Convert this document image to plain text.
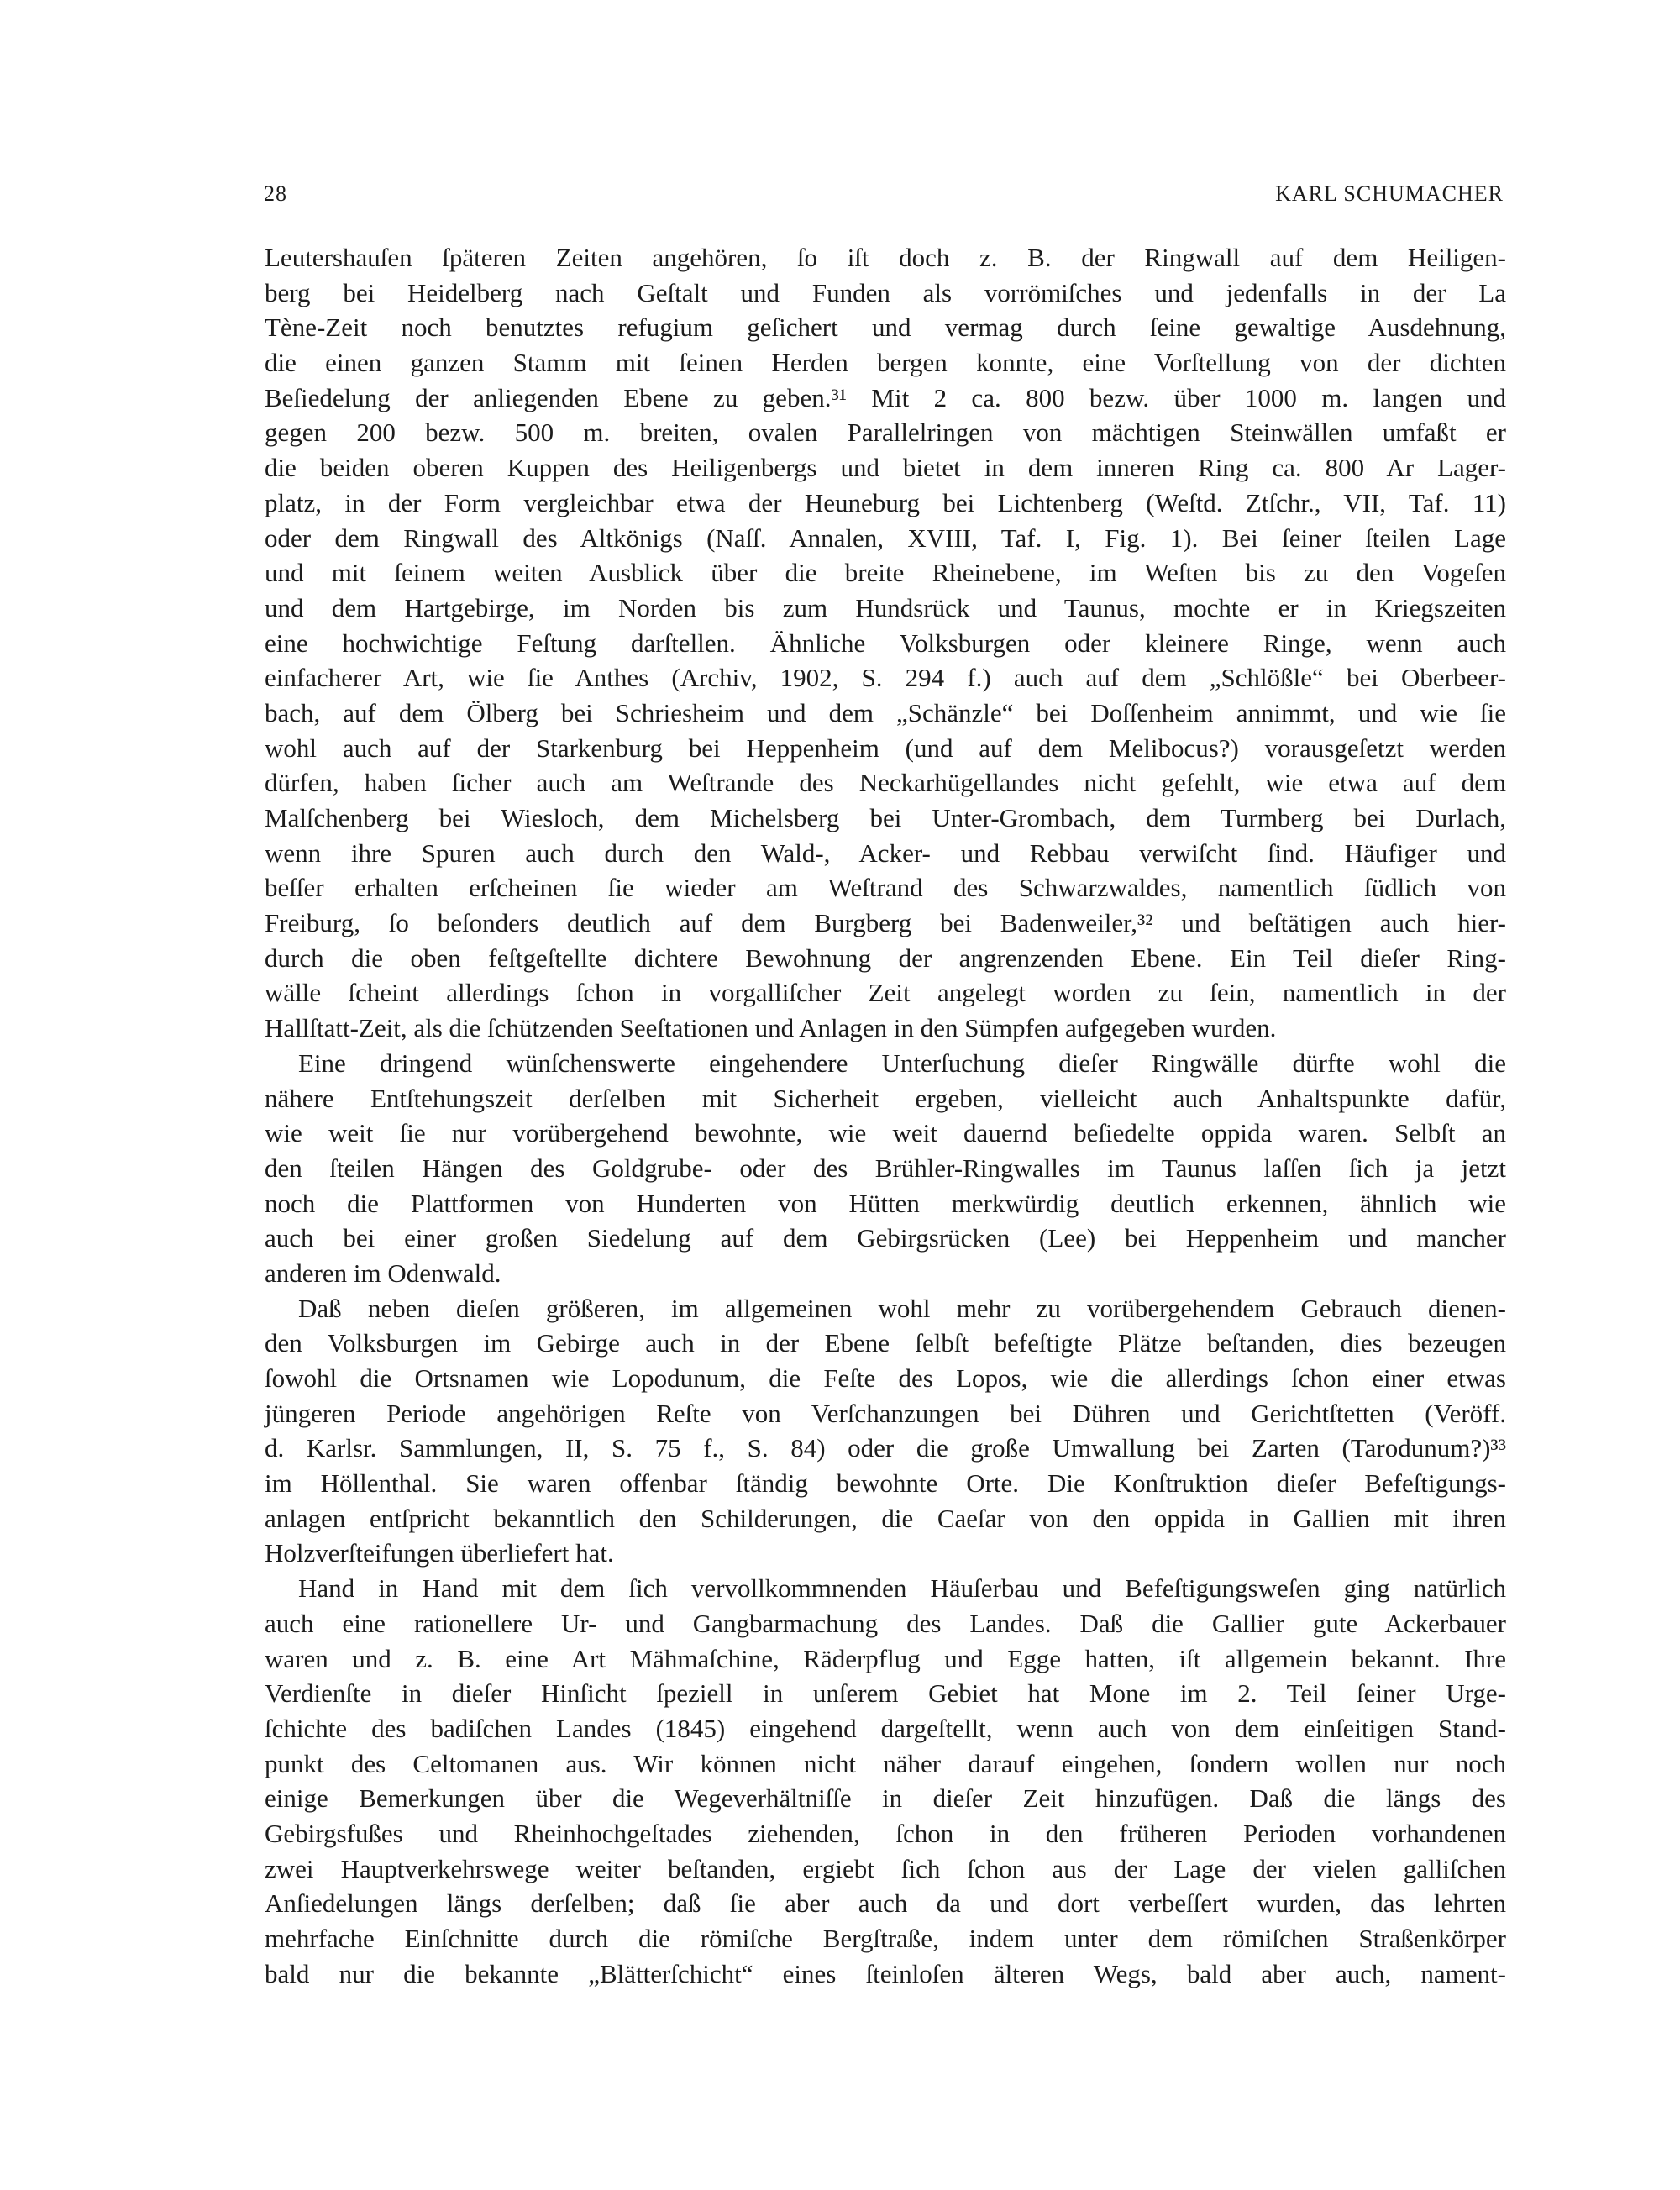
28	KARL SCHUMACHER
Leutershauſen ſpäteren Zeiten angehören, ſo iſt doch z. B. der Ringwall auf dem Heiligen-
berg bei Heidelberg nach Geſtalt und Funden als vorrömiſches und jedenfalls in der La
Tène-Zeit noch benutztes refugium geſichert und vermag durch ſeine gewaltige Ausdehnung,
die einen ganzen Stamm mit ſeinen Herden bergen konnte, eine Vorſtellung von der dichten
Beſiedelung der anliegenden Ebene zu geben.³¹ Mit 2 ca. 800 bezw. über 1000 m. langen und
gegen 200 bezw. 500 m. breiten, ovalen Parallelringen von mächtigen Steinwällen umfaßt er
die beiden oberen Kuppen des Heiligenbergs und bietet in dem inneren Ring ca. 800 Ar Lager-
platz, in der Form vergleichbar etwa der Heuneburg bei Lichtenberg (Weſtd. Ztſchr., VII, Taf. 11)
oder dem Ringwall des Altkönigs (Naſſ. Annalen, XVIII, Taf. I, Fig. 1). Bei ſeiner ſteilen Lage
und mit ſeinem weiten Ausblick über die breite Rheinebene, im Weſten bis zu den Vogeſen
und dem Hartgebirge, im Norden bis zum Hundsrück und Taunus, mochte er in Kriegszeiten
eine hochwichtige Feſtung darſtellen. Ähnliche Volksburgen oder kleinere Ringe, wenn auch
einfacherer Art, wie ſie Anthes (Archiv, 1902, S. 294 f.) auch auf dem „Schlößle“ bei Oberbeer-
bach, auf dem Ölberg bei Schriesheim und dem „Schänzle“ bei Doſſenheim annimmt, und wie ſie
wohl auch auf der Starkenburg bei Heppenheim (und auf dem Melibocus?) vorausgeſetzt werden
dürfen, haben ſicher auch am Weſtrande des Neckarhügellandes nicht gefehlt, wie etwa auf dem
Malſchenberg bei Wiesloch, dem Michelsberg bei Unter-Grombach, dem Turmberg bei Durlach,
wenn ihre Spuren auch durch den Wald-, Acker- und Rebbau verwiſcht ſind. Häufiger und
beſſer erhalten erſcheinen ſie wieder am Weſtrand des Schwarzwaldes, namentlich ſüdlich von
Freiburg, ſo beſonders deutlich auf dem Burgberg bei Badenweiler,³² und beſtätigen auch hier-
durch die oben feſtgeſtellte dichtere Bewohnung der angrenzenden Ebene. Ein Teil dieſer Ring-
wälle ſcheint allerdings ſchon in vorgalliſcher Zeit angelegt worden zu ſein, namentlich in der
Hallſtatt-Zeit, als die ſchützenden Seeſtationen und Anlagen in den Sümpfen aufgegeben wurden.
Eine dringend wünſchenswerte eingehendere Unterſuchung dieſer Ringwälle dürfte wohl die
nähere Entſtehungszeit derſelben mit Sicherheit ergeben, vielleicht auch Anhaltspunkte dafür,
wie weit ſie nur vorübergehend bewohnte, wie weit dauernd beſiedelte oppida waren. Selbſt an
den ſteilen Hängen des Goldgrube- oder des Brühler-Ringwalles im Taunus laſſen ſich ja jetzt
noch die Plattformen von Hunderten von Hütten merkwürdig deutlich erkennen, ähnlich wie
auch bei einer großen Siedelung auf dem Gebirgsrücken (Lee) bei Heppenheim und mancher
anderen im Odenwald.
Daß neben dieſen größeren, im allgemeinen wohl mehr zu vorübergehendem Gebrauch dienen-
den Volksburgen im Gebirge auch in der Ebene ſelbſt befeſtigte Plätze beſtanden, dies bezeugen
ſowohl die Ortsnamen wie Lopodunum, die Feſte des Lopos, wie die allerdings ſchon einer etwas
jüngeren Periode angehörigen Reſte von Verſchanzungen bei Dühren und Gerichtſtetten (Veröff.
d. Karlsr. Sammlungen, II, S. 75 f., S. 84) oder die große Umwallung bei Zarten (Tarodunum?)³³
im Höllenthal. Sie waren offenbar ſtändig bewohnte Orte. Die Konſtruktion dieſer Befeſtigungs-
anlagen entſpricht bekanntlich den Schilderungen, die Caeſar von den oppida in Gallien mit ihren
Holzverſteifungen überliefert hat.
Hand in Hand mit dem ſich vervollkommnenden Häuſerbau und Befeſtigungsweſen ging natürlich
auch eine rationellere Ur- und Gangbarmachung des Landes. Daß die Gallier gute Ackerbauer
waren und z. B. eine Art Mähmaſchine, Räderpflug und Egge hatten, iſt allgemein bekannt. Ihre
Verdienſte in dieſer Hinſicht ſpeziell in unſerem Gebiet hat Mone im 2. Teil ſeiner Urge-
ſchichte des badiſchen Landes (1845) eingehend dargeſtellt, wenn auch von dem einſeitigen Stand-
punkt des Celtomanen aus. Wir können nicht näher darauf eingehen, ſondern wollen nur noch
einige Bemerkungen über die Wegeverhältniſſe in dieſer Zeit hinzufügen. Daß die längs des
Gebirgsfußes und Rheinhochgeſtades ziehenden, ſchon in den früheren Perioden vorhandenen
zwei Hauptverkehrswege weiter beſtanden, ergiebt ſich ſchon aus der Lage der vielen galliſchen
Anſiedelungen längs derſelben; daß ſie aber auch da und dort verbeſſert wurden, das lehrten
mehrfache Einſchnitte durch die römiſche Bergſtraße, indem unter dem römiſchen Straßenkörper
bald nur die bekannte „Blätterſchicht“ eines ſteinloſen älteren Wegs, bald aber auch, nament-
